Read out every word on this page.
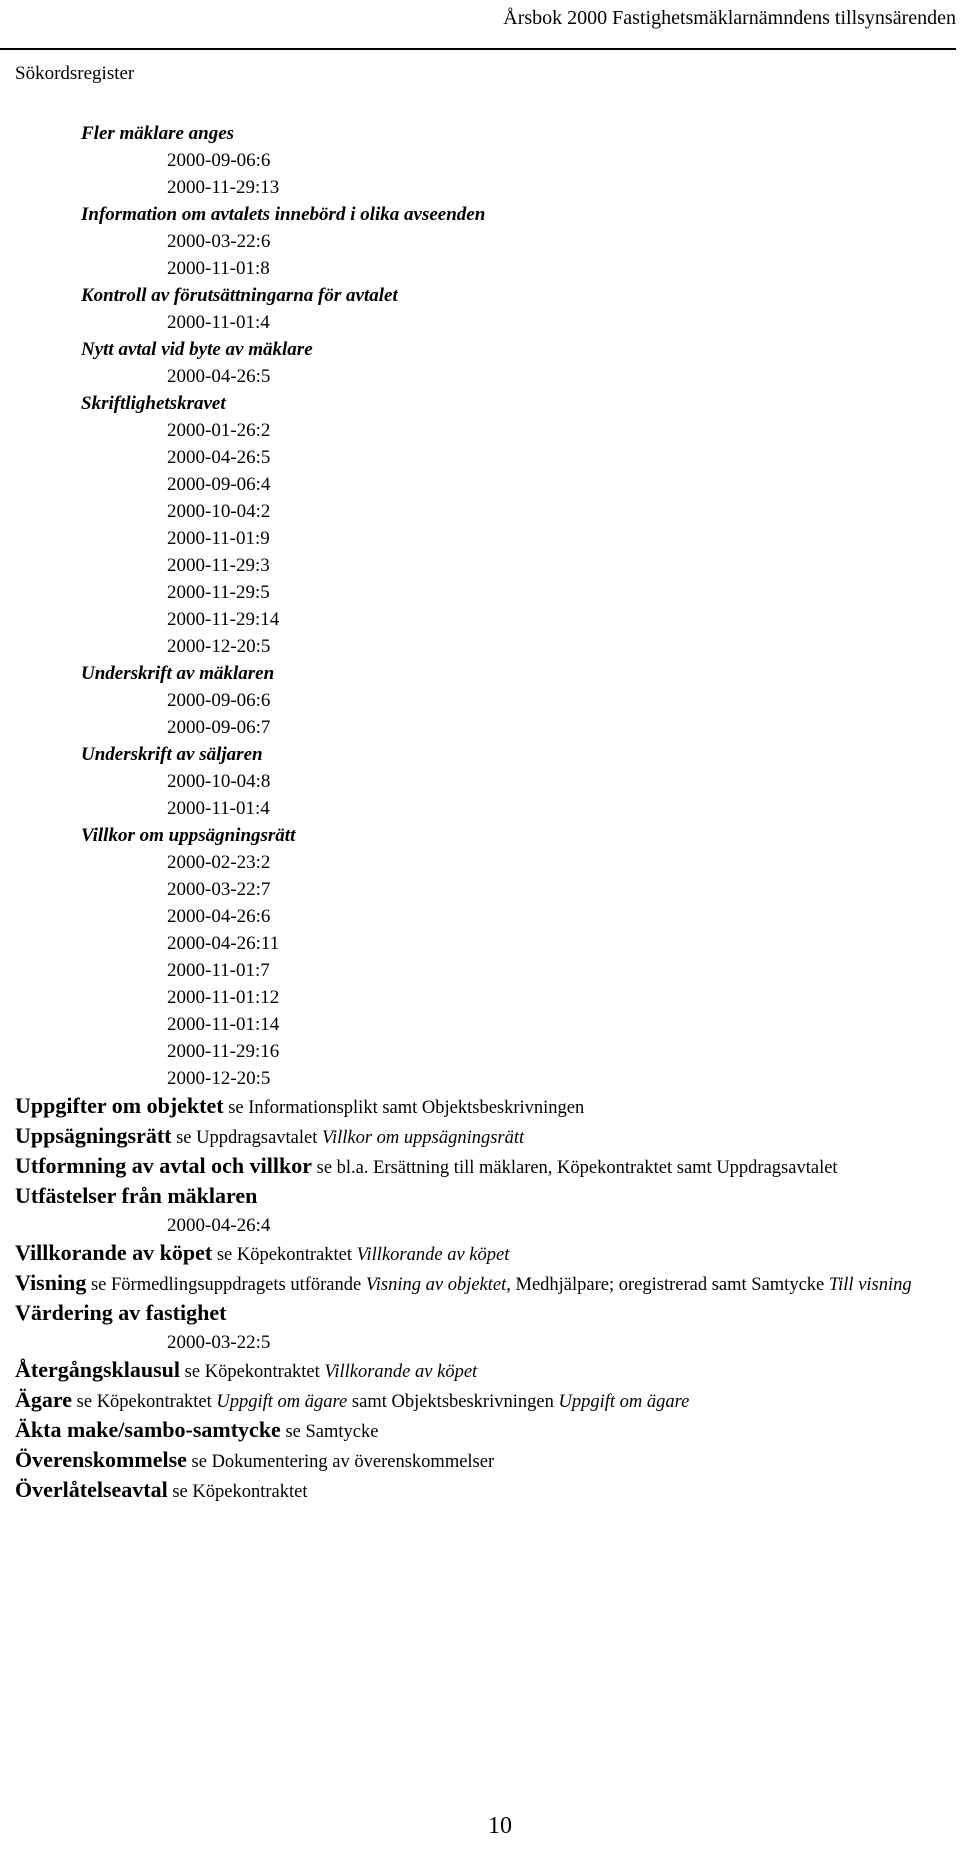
Årsbok 2000 Fastighetsmäklarnämndens tillsynsärenden
Sökordsregister
Fler mäklare anges
2000-09-06:6
2000-11-29:13
Information om avtalets innebörd i olika avseenden
2000-03-22:6
2000-11-01:8
Kontroll av förutsättningarna för avtalet
2000-11-01:4
Nytt avtal vid byte av mäklare
2000-04-26:5
Skriftlighetskravet
2000-01-26:2
2000-04-26:5
2000-09-06:4
2000-10-04:2
2000-11-01:9
2000-11-29:3
2000-11-29:5
2000-11-29:14
2000-12-20:5
Underskrift av mäklaren
2000-09-06:6
2000-09-06:7
Underskrift av säljaren
2000-10-04:8
2000-11-01:4
Villkor om uppsägningsrätt
2000-02-23:2
2000-03-22:7
2000-04-26:6
2000-04-26:11
2000-11-01:7
2000-11-01:12
2000-11-01:14
2000-11-29:16
2000-12-20:5
Uppgifter om objektet se Informationsplikt samt Objektsbeskrivningen
Uppsägningsrätt se Uppdragsavtalet Villkor om uppsägningsrätt
Utformning av avtal och villkor se bl.a. Ersättning till mäklaren, Köpekontraktet samt Uppdragsavtalet
Utfästelser från mäklaren
2000-04-26:4
Villkorande av köpet se Köpekontraktet Villkorande av köpet
Visning se Förmedlingsuppdragets utförande Visning av objektet, Medhjälpare; oregistrerad samt Samtycke Till visning
Värdering av fastighet
2000-03-22:5
Återgångsklausul se Köpekontraktet Villkorande av köpet
Ägare se Köpekontraktet Uppgift om ägare samt Objektsbeskrivningen Uppgift om ägare
Äkta make/sambo-samtycke se Samtycke
Överenskommelse se Dokumentering av överenskommelser
Överlåtelseavtal se Köpekontraktet
10
